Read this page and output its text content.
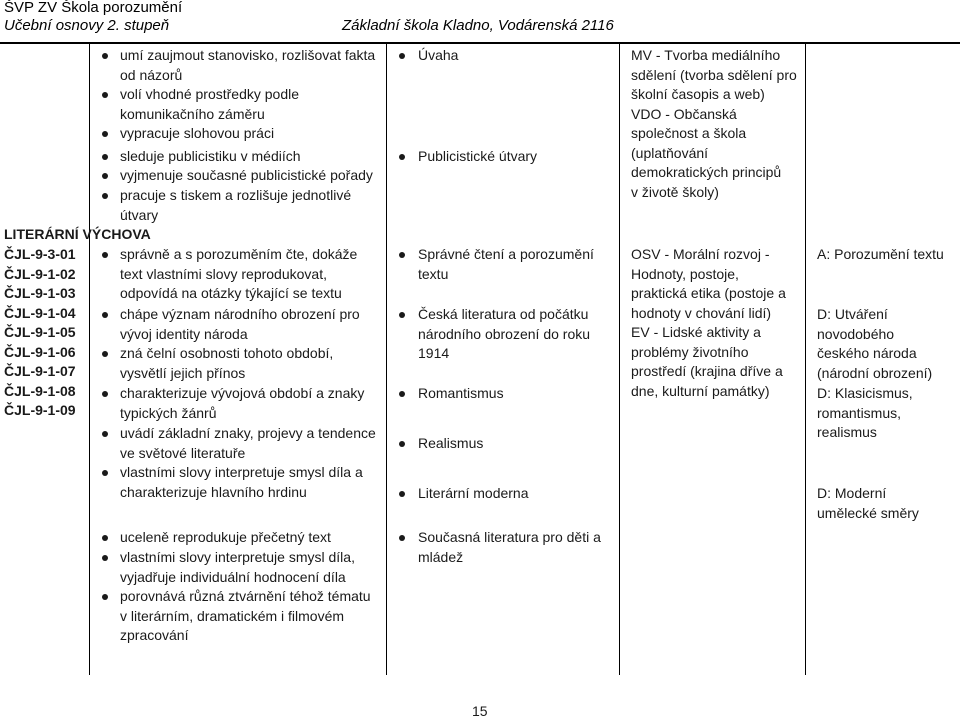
ŠVP ZV Škola porozumění
Učební osnovy 2. stupeň	Základní škola Kladno, Vodárenská 2116
LITERÁRNÍ VÝCHOVA
ČJL-9-3-01
ČJL-9-1-02
ČJL-9-1-03
ČJL-9-1-04
ČJL-9-1-05
ČJL-9-1-06
ČJL-9-1-07
ČJL-9-1-08
ČJL-9-1-09
umí zaujmout stanovisko, rozlišovat fakta
od názorů
volí vhodné prostředky podle
komunikačního záměru
vypracuje slohovou práci
sleduje publicistiku v médiích
vyjmenuje současné publicistické pořady
pracuje s tiskem a rozlišuje jednotlivé
útvary
správně a s porozuměním čte, dokáže
text vlastními slovy reprodukovat,
odpovídá na otázky týkající se textu
chápe význam národního obrození pro
vývoj identity národa
zná čelní osobnosti tohoto období,
vysvětlí jejich přínos
charakterizuje vývojová období a znaky
typických žánrů
uvádí základní znaky, projevy a tendence
ve světové literatuře
vlastními slovy interpretuje smysl díla a
charakterizuje hlavního hrdinu
uceleně reprodukuje přečetný text
vlastními slovy interpretuje smysl díla,
vyjadřuje individuální hodnocení díla
porovnává různá ztvárnění téhož tématu
v literárním, dramatickém i filmovém
zpracování
Úvaha
Publicistické útvary
Správné čtení a porozumění
textu
Česká literatura od počátku
národního obrození do roku
1914
Romantismus
Realismus
Literární moderna
Současná literatura pro děti a
mládež
MV - Tvorba mediálního
sdělení (tvorba sdělení pro
školní časopis a web)
VDO - Občanská
společnost a škola
(uplatňování
demokratických principů
v životě školy)
OSV - Morální rozvoj -
Hodnoty, postoje,
praktická etika (postoje a
hodnoty v chování lidí)
EV - Lidské aktivity a
problémy životního
prostředí (krajina dříve a
dne, kulturní památky)
A: Porozumění textu
D: Utváření
novodobého
českého národa
(národní obrození)
D: Klasicismus,
romantismus,
realismus
D: Moderní
umělecké směry
15
